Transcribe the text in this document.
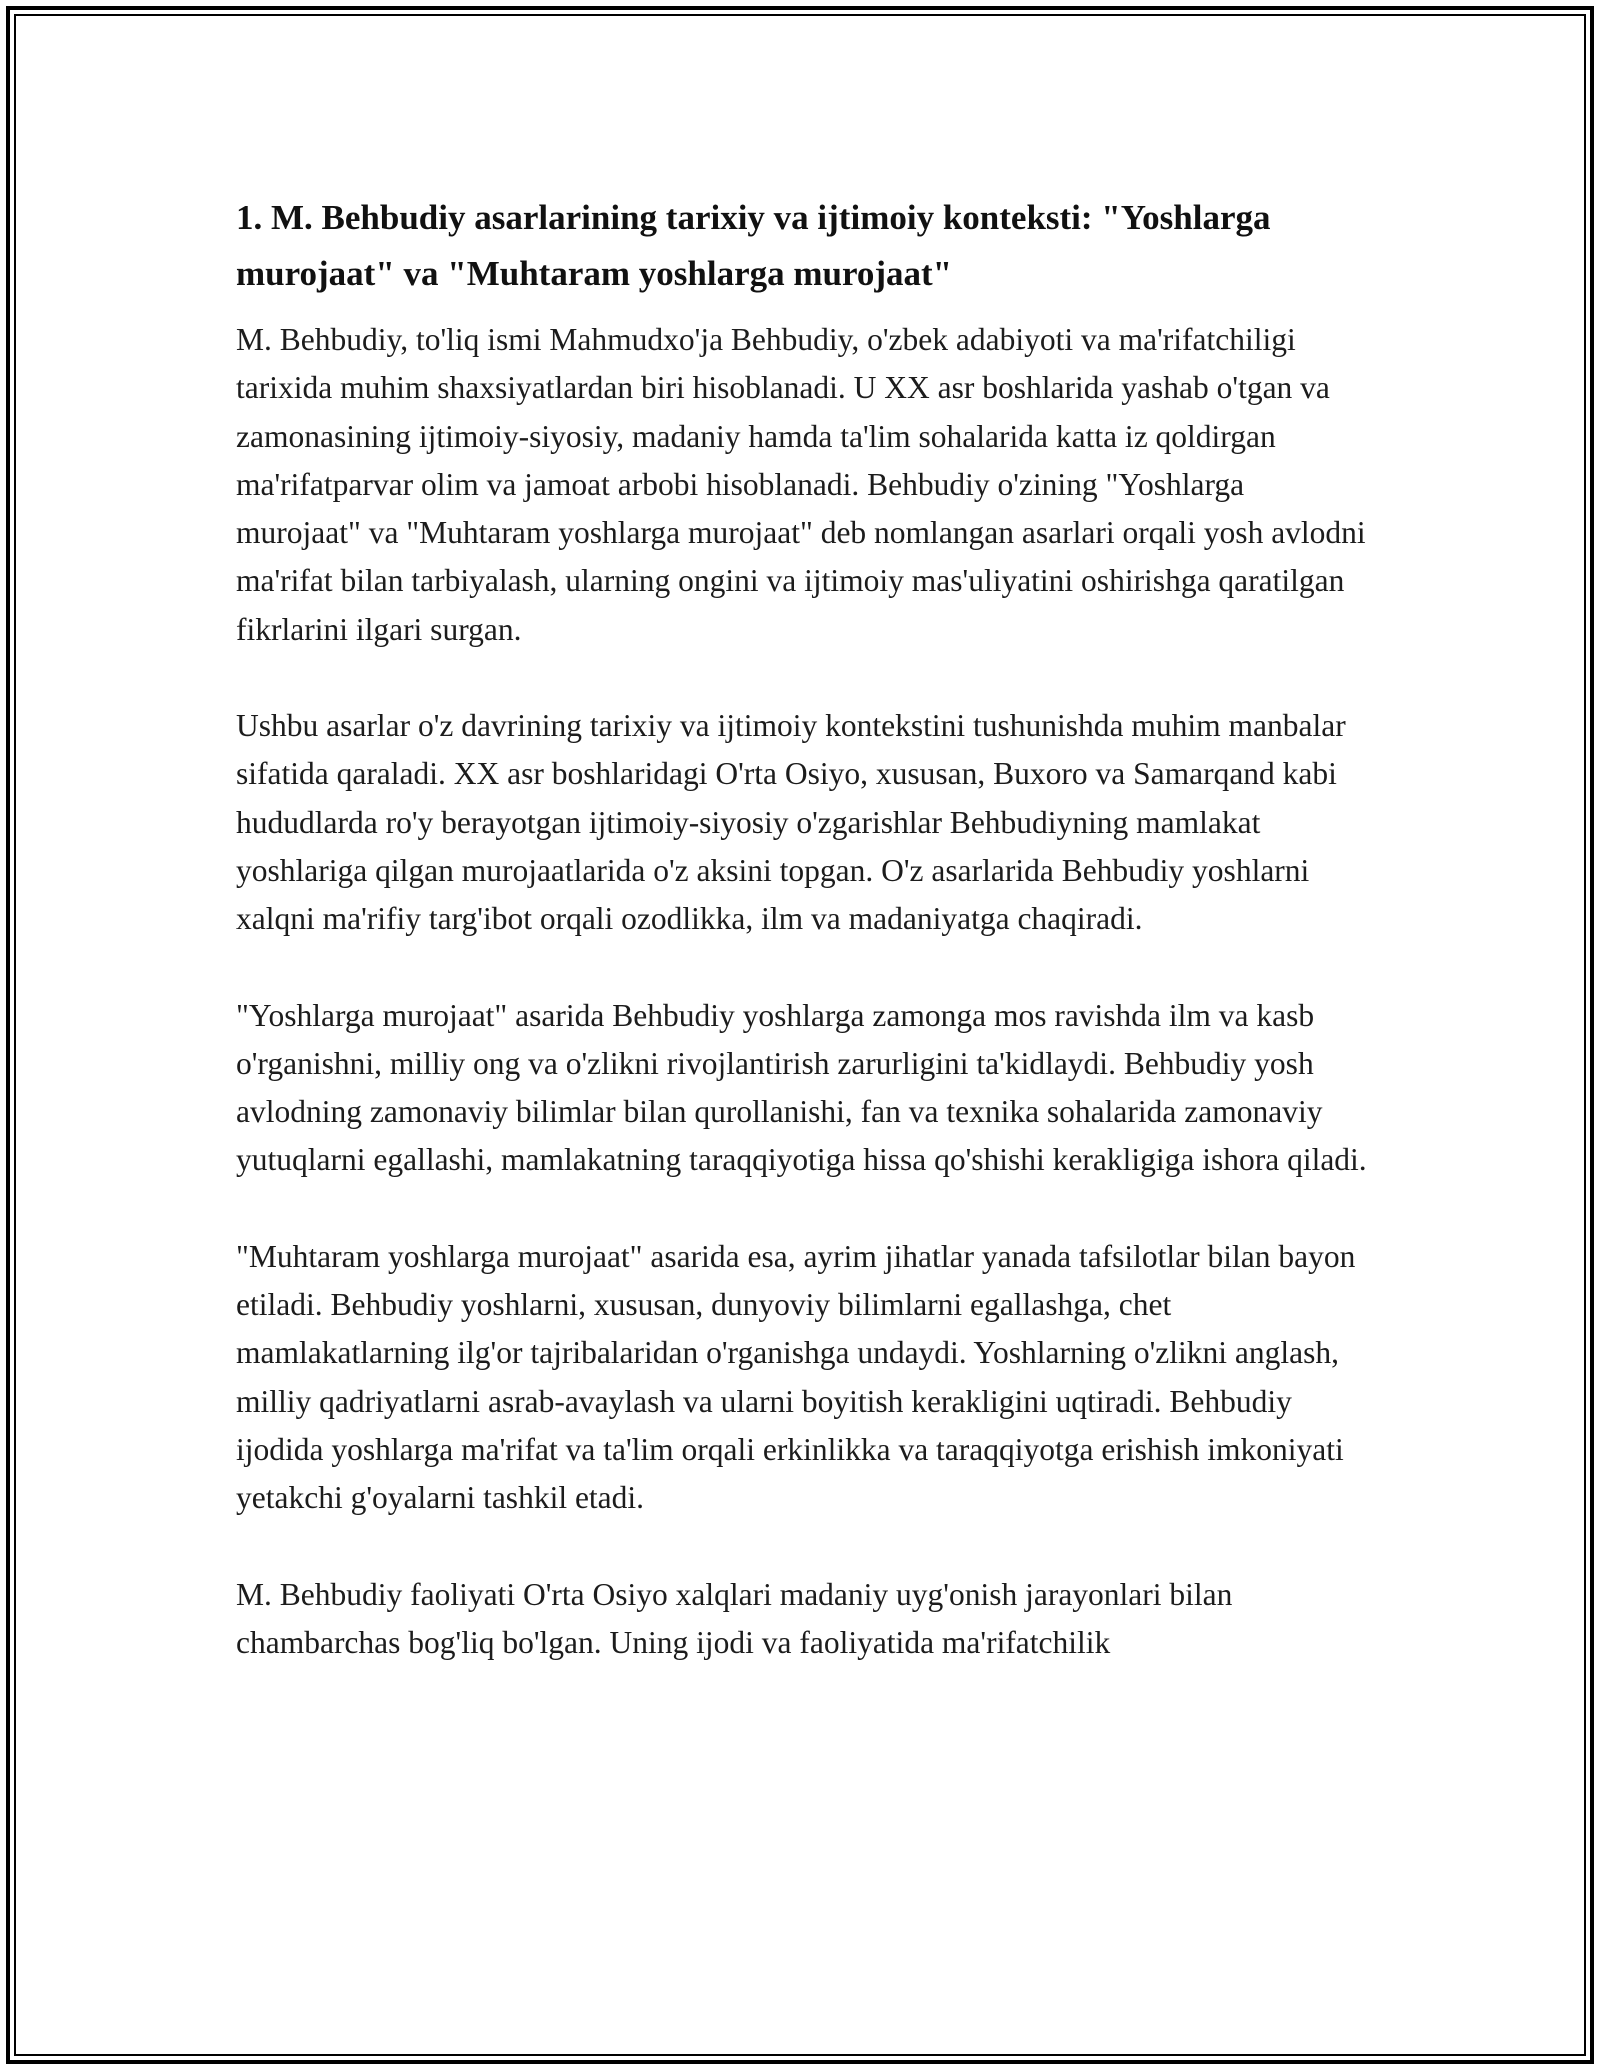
1. M. Behbudiy asarlarining tarixiy va ijtimoiy konteksti: "Yoshlarga murojaat" va "Muhtaram yoshlarga murojaat"

M. Behbudiy, to'liq ismi Mahmudxo'ja Behbudiy, o'zbek adabiyoti va ma'rifatchiligi tarixida muhim shaxsiyatlardan biri hisoblanadi. U XX asr boshlarida yashab o'tgan va zamonasining ijtimoiy-siyosiy, madaniy hamda ta'lim sohalarida katta iz qoldirgan ma'rifatparvar olim va jamoat arbobi hisoblanadi. Behbudiy o'zining "Yoshlarga murojaat" va "Muhtaram yoshlarga murojaat" deb nomlangan asarlari orqali yosh avlodni ma'rifat bilan tarbiyalash, ularning ongini va ijtimoiy mas'uliyatini oshirishga qaratilgan fikrlarini ilgari surgan.

Ushbu asarlar o'z davrining tarixiy va ijtimoiy kontekstini tushunishda muhim manbalar sifatida qaraladi. XX asr boshlaridagi O'rta Osiyo, xususan, Buxoro va Samarqand kabi hududlarda ro'y berayotgan ijtimoiy-siyosiy o'zgarishlar Behbudiyning mamlakat yoshlariga qilgan murojaatlarida o'z aksini topgan. O'z asarlarida Behbudiy yoshlarni xalqni ma'rifiy targ'ibot orqali ozodlikka, ilm va madaniyatga chaqiradi.

"Yoshlarga murojaat" asarida Behbudiy yoshlarga zamonga mos ravishda ilm va kasb o'rganishni, milliy ong va o'zlikni rivojlantirish zarurligini ta'kidlaydi. Behbudiy yosh avlodning zamonaviy bilimlar bilan qurollanishi, fan va texnika sohalarida zamonaviy yutuqlarni egallashi, mamlakatning taraqqiyotiga hissa qo'shishi kerakligiga ishora qiladi.

"Muhtaram yoshlarga murojaat" asarida esa, ayrim jihatlar yanada tafsilotlar bilan bayon etiladi. Behbudiy yoshlarni, xususan, dunyoviy bilimlarni egallashga, chet mamlakatlarning ilg'or tajribalaridan o'rganishga undaydi. Yoshlarning o'zlikni anglash, milliy qadriyatlarni asrab-avaylash va ularni boyitish kerakligini uqtiradi. Behbudiy ijodida yoshlarga ma'rifat va ta'lim orqali erkinlikka va taraqqiyotga erishish imkoniyati yetakchi g'oyalarni tashkil etadi.

M. Behbudiy faoliyati O'rta Osiyo xalqlari madaniy uyg'onish jarayonlari bilan chambarchas bog'liq bo'lgan. Uning ijodi va faoliyatida ma'rifatchilik
